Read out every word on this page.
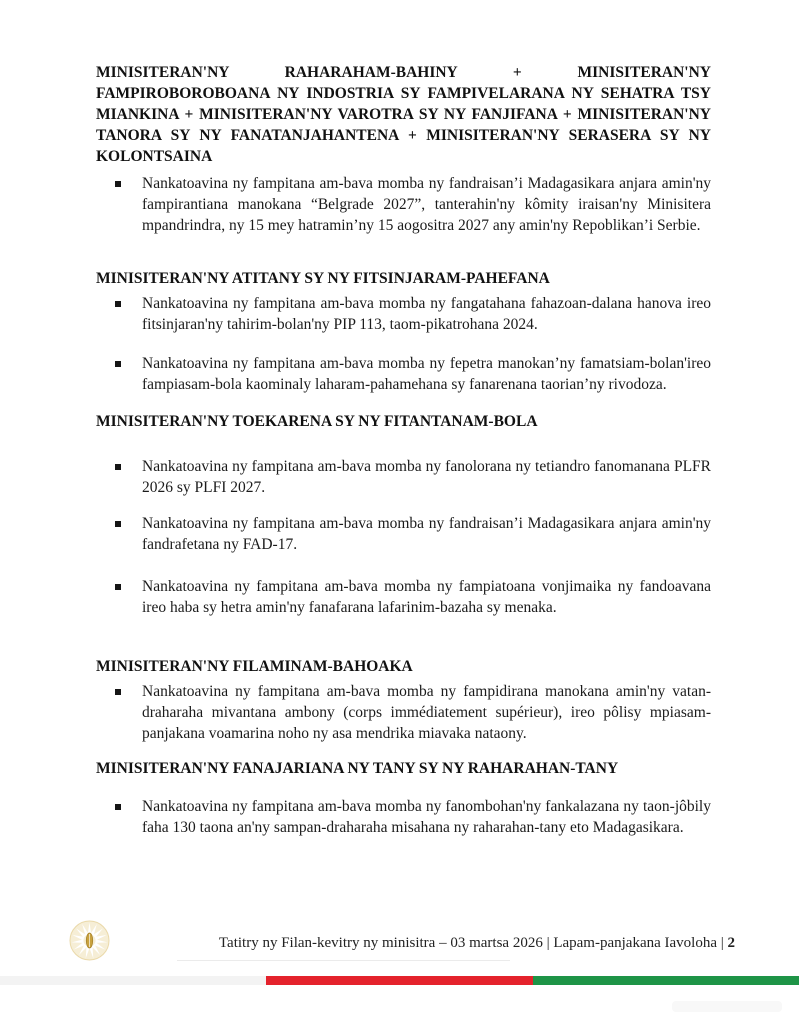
MINISITERAN'NY RAHARAHAM-BAHINY + MINISITERAN'NY FAMPIROBOROBOANA NY INDOSTRIA SY FAMPIVELARANA NY SEHATRA TSY MIANKINA + MINISITERAN'NY VAROTRA SY NY FANJIFANA + MINISITERAN'NY TANORA SY NY FANATANJAHANTENA + MINISITERAN'NY SERASERA SY NY KOLONTSAINA

Nankatoavina ny fampitana am-bava momba ny fandraisan’i Madagasikara anjara amin'ny fampirantiana manokana “Belgrade 2027”, tanterahin'ny kômity iraisan'ny Minisitera mpandrindra, ny 15 mey hatramin’ny 15 aogositra 2027 any amin'ny Repoblikan’i Serbie.

MINISITERAN'NY ATITANY SY NY FITSINJARAM-PAHEFANA

Nankatoavina ny fampitana am-bava momba ny fangatahana fahazoan-dalana hanova ireo fitsinjaran'ny tahirim-bolan'ny PIP 113, taom-pikatrohana 2024.

Nankatoavina ny fampitana am-bava momba ny fepetra manokan’ny famatsiam-bolan'ireo fampiasam-bola kaominaly laharam-pahamehana sy fanarenana taorian’ny rivodoza.

MINISITERAN'NY TOEKARENA SY NY FITANTANAM-BOLA

Nankatoavina ny fampitana am-bava momba ny fanolorana ny tetiandro fanomanana PLFR 2026 sy PLFI 2027.

Nankatoavina ny fampitana am-bava momba ny fandraisan’i Madagasikara anjara amin'ny fandrafetana ny FAD-17.

Nankatoavina ny fampitana am-bava momba ny fampiatoana vonjimaika ny fandoavana ireo haba sy hetra amin'ny fanafarana lafarinim-bazaha sy menaka.

MINISITERAN'NY FILAMINAM-BAHOAKA

Nankatoavina ny fampitana am-bava momba ny fampidirana manokana amin'ny vatan-draharaha mivantana ambony (corps immédiatement supérieur), ireo pôlisy mpiasam-panjakana voamarina noho ny asa mendrika miavaka nataony.

MINISITERAN'NY FANAJARIANA NY TANY SY NY RAHARAHAN-TANY

Nankatoavina ny fampitana am-bava momba ny fanombohan'ny fankalazana ny taon-jôbily faha 130 taona an'ny sampan-draharaha misahana ny raharahan-tany eto Madagasikara.

Tatitry ny Filan-kevitry ny minisitra – 03 martsa 2026 | Lapam-panjakana Iavoloha | 2
